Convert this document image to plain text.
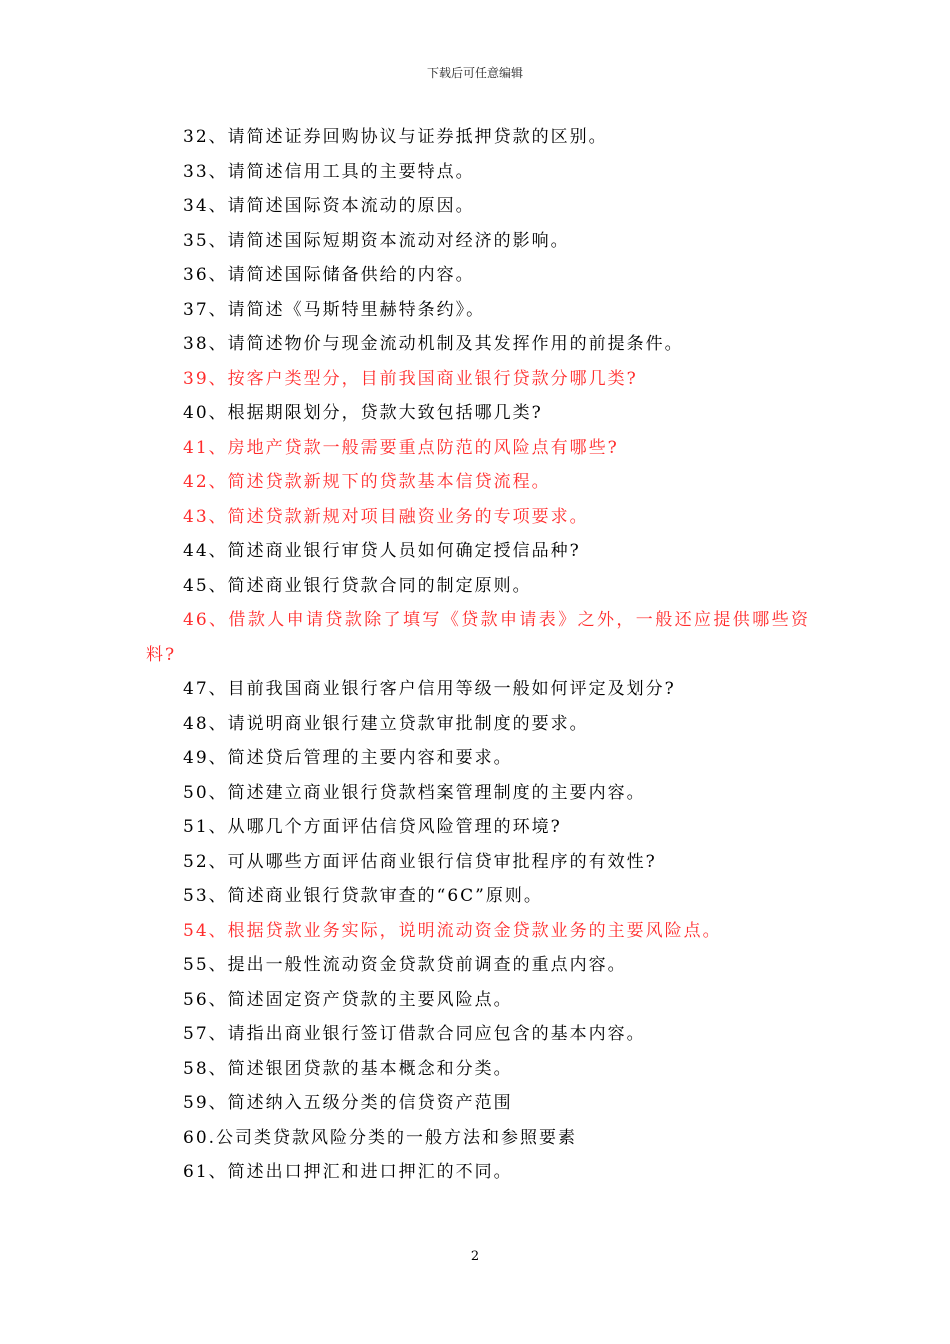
下载后可任意编辑

32、请简述证券回购协议与证券抵押贷款的区别。

33、请简述信用工具的主要特点。

34、请简述国际资本流动的原因。

35、请简述国际短期资本流动对经济的影响。

36、请简述国际储备供给的内容。

37、请简述《马斯特里赫特条约》。

38、请简述物价与现金流动机制及其发挥作用的前提条件。

39、按客户类型分，目前我国商业银行贷款分哪几类?

40、根据期限划分，贷款大致包括哪几类?

41、房地产贷款一般需要重点防范的风险点有哪些?

42、简述贷款新规下的贷款基本信贷流程。

43、简述贷款新规对项目融资业务的专项要求。

44、简述商业银行审贷人员如何确定授信品种?

45、简述商业银行贷款合同的制定原则。

46、借款人申请贷款除了填写《贷款申请表》之外，一般还应提供哪些资料?

47、目前我国商业银行客户信用等级一般如何评定及划分?

48、请说明商业银行建立贷款审批制度的要求。

49、简述贷后管理的主要内容和要求。

50、简述建立商业银行贷款档案管理制度的主要内容。

51、从哪几个方面评估信贷风险管理的环境?

52、可从哪些方面评估商业银行信贷审批程序的有效性?

53、简述商业银行贷款审查的“6C”原则。

54、根据贷款业务实际，说明流动资金贷款业务的主要风险点。

55、提出一般性流动资金贷款贷前调查的重点内容。

56、简述固定资产贷款的主要风险点。

57、请指出商业银行签订借款合同应包含的基本内容。

58、简述银团贷款的基本概念和分类。

59、简述纳入五级分类的信贷资产范围

60.公司类贷款风险分类的一般方法和参照要素

61、简述出口押汇和进口押汇的不同。

2
